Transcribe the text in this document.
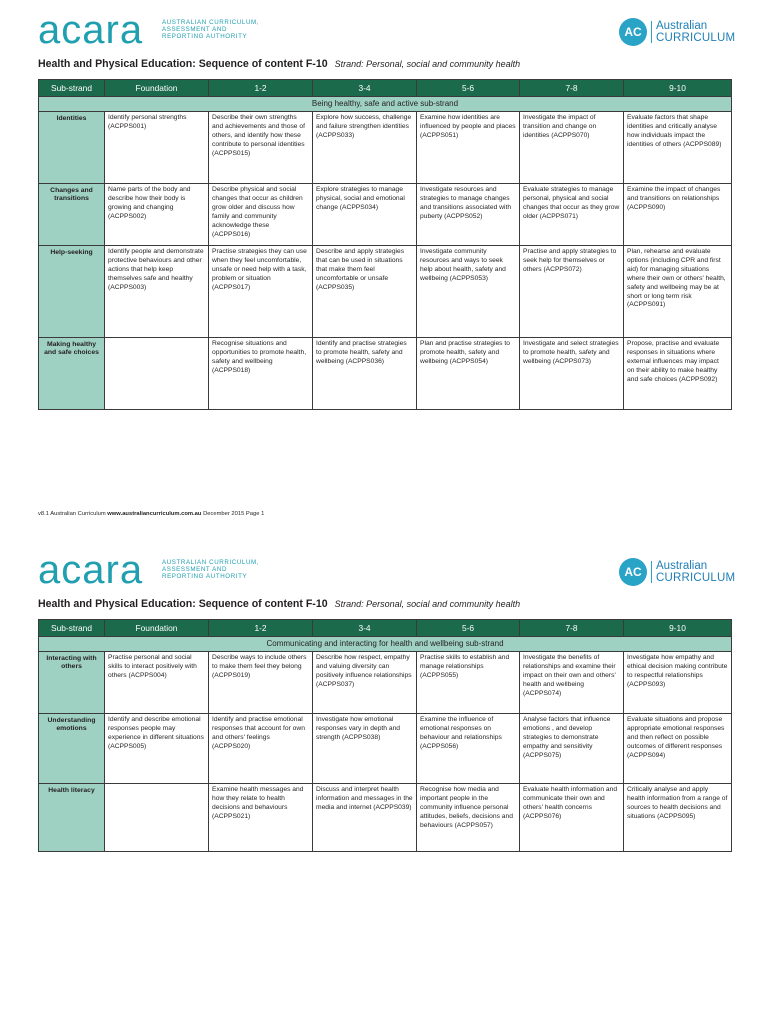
acara	AUSTRALIAN CURRICULUM,
ASSESSMENT AND
REPORTING AUTHORITY	AC	Australian
CURRICULUM
Health and Physical Education: Sequence of content F-10 Strand: Personal, social and community health
Sub-strand	Foundation	1-2	3-4	5-6	7-8	9-10
Being healthy, safe and active sub-strand						
Identities	Identify personal strengths (ACPPS001)	Describe their own strengths and achievements and those of others, and identify how these contribute to personal identities (ACPPS015)	Explore how success, challenge and failure strengthen identities (ACPPS033)	Examine how identities are influenced by people and places (ACPPS051)	Investigate the impact of transition and change on identities (ACPPS070)	Evaluate factors that shape identities and critically analyse how individuals impact the identities of others (ACPPS089)
Changes and transitions	Name parts of the body and describe how their body is growing and changing (ACPPS002)	Describe physical and social changes that occur as children grow older and discuss how family and community acknowledge these (ACPPS016)	Explore strategies to manage physical, social and emotional change (ACPPS034)	Investigate resources and strategies to manage changes and transitions associated with puberty (ACPPS052)	Evaluate strategies to manage personal, physical and social changes that occur as they grow older (ACPPS071)	Examine the impact of changes and transitions on relationships (ACPPS090)
Help-seeking	Identify people and demonstrate protective behaviours and other actions that help keep themselves safe and healthy (ACPPS003)	Practise strategies they can use when they feel uncomfortable, unsafe or need help with a task, problem or situation (ACPPS017)	Describe and apply strategies that can be used in situations that make them feel uncomfortable or unsafe (ACPPS035)	Investigate community resources and ways to seek help about health, safety and wellbeing (ACPPS053)	Practise and apply strategies to seek help for themselves or others (ACPPS072)	Plan, rehearse and evaluate options (including CPR and first aid) for managing situations where their own or others' health, safety and wellbeing may be at short or long term risk (ACPPS091)
Making healthy and safe choices		Recognise situations and opportunities to promote health, safety and wellbeing (ACPPS018)	Identify and practise strategies to promote health, safety and wellbeing (ACPPS036)	Plan and practise strategies to promote health, safety and wellbeing (ACPPS054)	Investigate and select strategies to promote health, safety and wellbeing (ACPPS073)	Propose, practise and evaluate responses in situations where external influences may impact on their ability to make healthy and safe choices (ACPPS092)
v8.1 Australian Curriculum www.australiancurriculum.com.au December 2015 Page 1
acara	AUSTRALIAN CURRICULUM,
ASSESSMENT AND
REPORTING AUTHORITY	AC	Australian
CURRICULUM
Health and Physical Education: Sequence of content F-10 Strand: Personal, social and community health
Sub-strand	Foundation	1-2	3-4	5-6	7-8	9-10
Communicating and interacting for health and wellbeing sub-strand						
Interacting with others	Practise personal and social skills to interact positively with others (ACPPS004)	Describe ways to include others to make them feel they belong (ACPPS019)	Describe how respect, empathy and valuing diversity can positively influence relationships (ACPPS037)	Practise skills to establish and manage relationships (ACPPS055)	Investigate the benefits of relationships and examine their impact on their own and others' health and wellbeing (ACPPS074)	Investigate how empathy and ethical decision making contribute to respectful relationships (ACPPS093)
Understanding emotions	Identify and describe emotional responses people may experience in different situations (ACPPS005)	Identify and practise emotional responses that account for own and others' feelings (ACPPS020)	Investigate how emotional responses vary in depth and strength (ACPPS038)	Examine the influence of emotional responses on behaviour and relationships (ACPPS056)	Analyse factors that influence emotions , and develop strategies to demonstrate empathy and sensitivity (ACPPS075)	Evaluate situations and propose appropriate emotional responses and then reflect on possible outcomes of different responses (ACPPS094)
Health literacy		Examine health messages and how they relate to health decisions and behaviours (ACPPS021)	Discuss and interpret health information and messages in the media and internet (ACPPS039)	Recognise how media and important people in the community influence personal attitudes, beliefs, decisions and behaviours (ACPPS057)	Evaluate health information and communicate their own and others' health concerns (ACPPS076)	Critically analyse and apply health information from a range of sources to health decisions and situations (ACPPS095)
